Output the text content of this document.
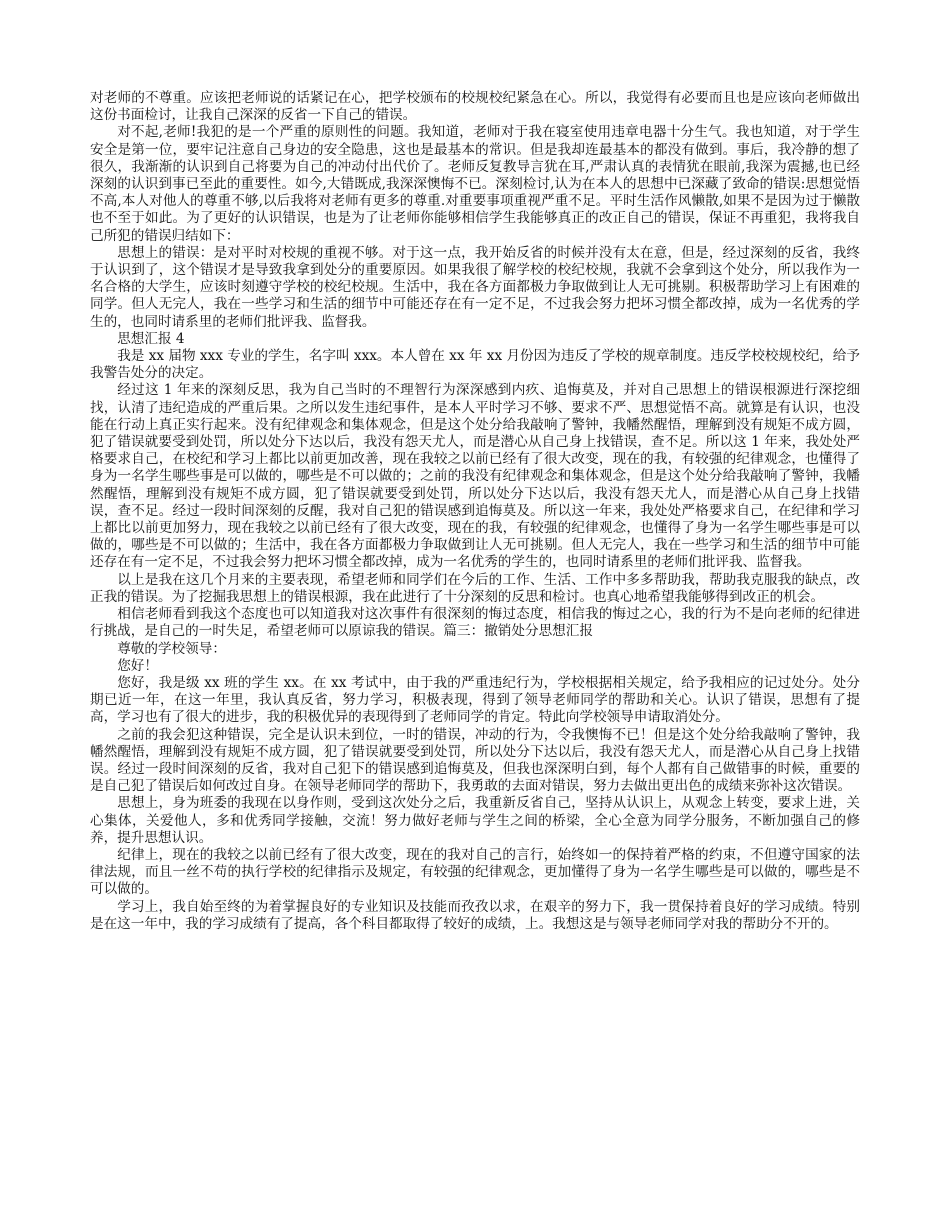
对老师的不尊重。应该把老师说的话紧记在心，把学校颁布的校规校纪紧急在心。所以，我觉得有必要而且也是应该向老师做出这份书面检讨，让我自己深深的反省一下自己的错误。

对不起,老师!我犯的是一个严重的原则性的问题。我知道，老师对于我在寝室使用违章电器十分生气。我也知道，对于学生安全是第一位，要牢记注意自己身边的安全隐患，这也是最基本的常识。但是我却连最基本的都没有做到。事后，我冷静的想了很久，我渐渐的认识到自己将要为自己的冲动付出代价了。老师反复教导言犹在耳,严肃认真的表情犹在眼前,我深为震撼,也已经深刻的认识到事已至此的重要性。如今,大错既成,我深深懊悔不已。深刻检讨,认为在本人的思想中已深藏了致命的错误:思想觉悟不高,本人对他人的尊重不够,以后我将对老师有更多的尊重.对重要事项重视严重不足。平时生活作风懒散,如果不是因为过于懒散也不至于如此。为了更好的认识错误，也是为了让老师你能够相信学生我能够真正的改正自己的错误，保证不再重犯，我将我自己所犯的错误归结如下：

思想上的错误：是对平时对校规的重视不够。对于这一点，我开始反省的时候并没有太在意，但是，经过深刻的反省，我终于认识到了，这个错误才是导致我拿到处分的重要原因。如果我很了解学校的校纪校规，我就不会拿到这个处分，所以我作为一名合格的大学生，应该时刻遵守学校的校纪校规。生活中，我在各方面都极力争取做到让人无可挑剔。积极帮助学习上有困难的同学。但人无完人，我在一些学习和生活的细节中可能还存在有一定不足，不过我会努力把坏习惯全都改掉，成为一名优秀的学生的，也同时请系里的老师们批评我、监督我。

思想汇报 4

我是 xx 届物 xxx 专业的学生，名字叫 xxx。本人曾在 xx 年 xx 月份因为违反了学校的规章制度。违反学校校规校纪，给予我警告处分的决定。

经过这 1 年来的深刻反思，我为自己当时的不理智行为深深感到内疚、追悔莫及，并对自己思想上的错误根源进行深挖细找，认清了违纪造成的严重后果。之所以发生违纪事件，是本人平时学习不够、要求不严、思想觉悟不高。就算是有认识，也没能在行动上真正实行起来。没有纪律观念和集体观念，但是这个处分给我敲响了警钟，我幡然醒悟，理解到没有规矩不成方圆，犯了错误就要受到处罚，所以处分下达以后，我没有怨天尤人，而是潜心从自己身上找错误，查不足。所以这 1 年来，我处处严格要求自己，在校纪和学习上都比以前更加改善，现在我较之以前已经有了很大改变，现在的我，有较强的纪律观念，也懂得了身为一名学生哪些事是可以做的，哪些是不可以做的；之前的我没有纪律观念和集体观念，但是这个处分给我敲响了警钟，我幡然醒悟，理解到没有规矩不成方圆，犯了错误就要受到处罚，所以处分下达以后，我没有怨天尤人，而是潜心从自己身上找错误，查不足。经过一段时间深刻的反醒，我对自己犯的错误感到追悔莫及。所以这一年来，我处处严格要求自己，在纪律和学习上都比以前更加努力，现在我较之以前已经有了很大改变，现在的我，有较强的纪律观念，也懂得了身为一名学生哪些事是可以做的，哪些是不可以做的；生活中，我在各方面都极力争取做到让人无可挑剔。但人无完人，我在一些学习和生活的细节中可能还存在有一定不足，不过我会努力把坏习惯全都改掉，成为一名优秀的学生的，也同时请系里的老师们批评我、监督我。

以上是我在这几个月来的主要表现，希望老师和同学们在今后的工作、生活、工作中多多帮助我，帮助我克服我的缺点，改正我的错误。为了挖掘我思想上的错误根源，我在此进行了十分深刻的反思和检讨。也真心地希望我能够得到改正的机会。

相信老师看到我这个态度也可以知道我对这次事件有很深刻的悔过态度，相信我的悔过之心，我的行为不是向老师的纪律进行挑战，是自己的一时失足，希望老师可以原谅我的错误。篇三：撤销处分思想汇报

尊敬的学校领导：

您好！

您好，我是级 xx 班的学生 xx。在 xx 考试中，由于我的严重违纪行为，学校根据相关规定，给予我相应的记过处分。处分期已近一年，在这一年里，我认真反省，努力学习，积极表现，得到了领导老师同学的帮助和关心。认识了错误，思想有了提高，学习也有了很大的进步，我的积极优异的表现得到了老师同学的肯定。特此向学校领导申请取消处分。

之前的我会犯这种错误，完全是认识未到位，一时的错误，冲动的行为，令我懊悔不已！但是这个处分给我敲响了警钟，我幡然醒悟，理解到没有规矩不成方圆，犯了错误就要受到处罚，所以处分下达以后，我没有怨天尤人，而是潜心从自己身上找错误。经过一段时间深刻的反省，我对自己犯下的错误感到追悔莫及，但我也深深明白到，每个人都有自己做错事的时候，重要的是自己犯了错误后如何改过自身。在领导老师同学的帮助下，我勇敢的去面对错误，努力去做出更出色的成绩来弥补这次错误。

思想上，身为班委的我现在以身作则，受到这次处分之后，我重新反省自己，坚持从认识上，从观念上转变，要求上进，关心集体，关爱他人，多和优秀同学接触，交流！努力做好老师与学生之间的桥梁，全心全意为同学分服务，不断加强自己的修养，提升思想认识。

纪律上，现在的我较之以前已经有了很大改变，现在的我对自己的言行，始终如一的保持着严格的约束，不但遵守国家的法律法规，而且一丝不苟的执行学校的纪律指示及规定，有较强的纪律观念，更加懂得了身为一名学生哪些是可以做的，哪些是不可以做的。

学习上，我自始至终的为着掌握良好的专业知识及技能而孜孜以求，在艰辛的努力下，我一贯保持着良好的学习成绩。特别是在这一年中，我的学习成绩有了提高，各个科目都取得了较好的成绩，上。我想这是与领导老师同学对我的帮助分不开的。
